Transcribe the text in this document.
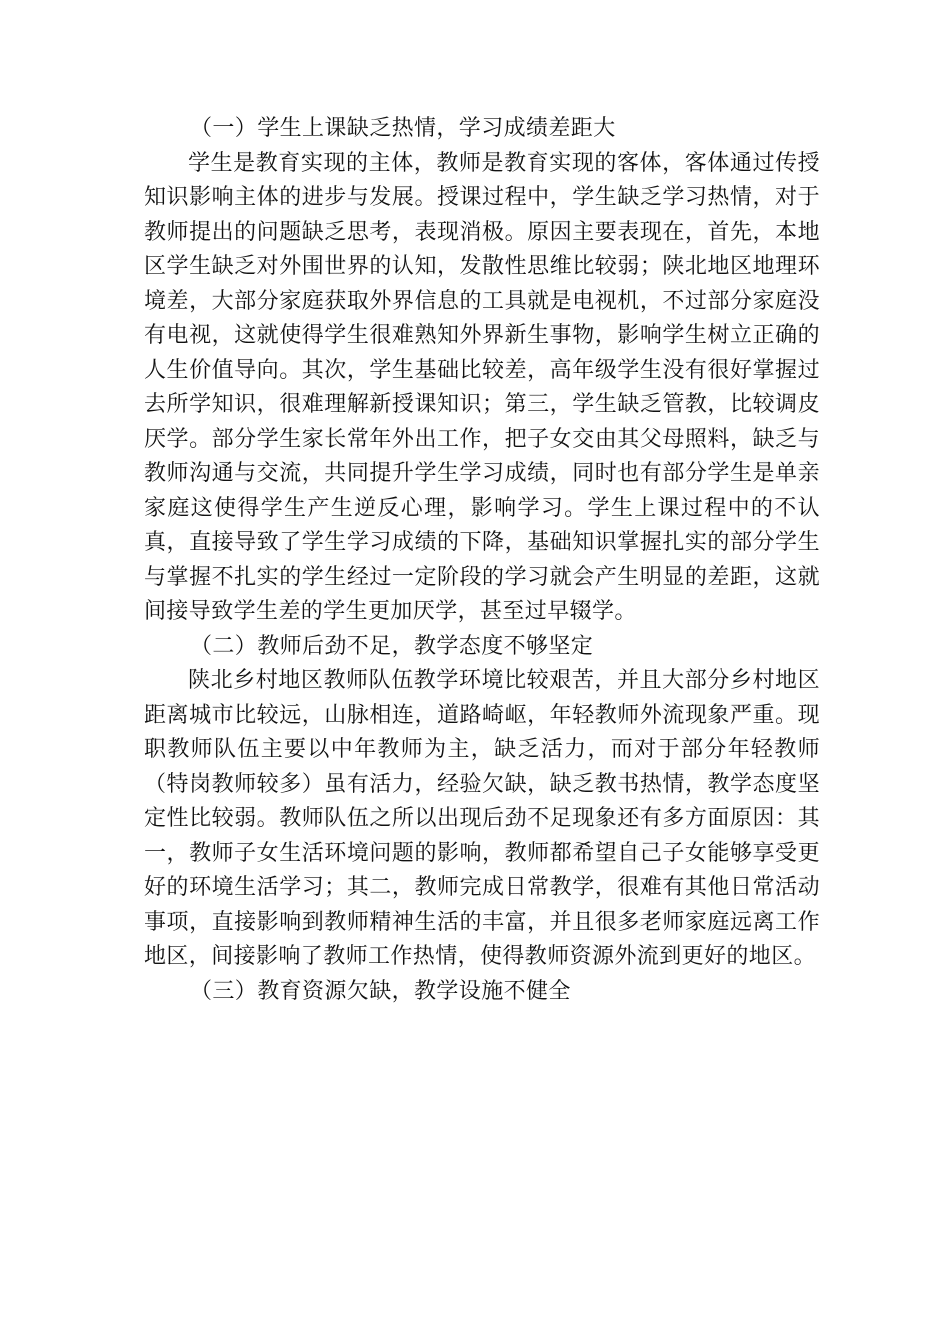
（一）学生上课缺乏热情，学习成绩差距大

学生是教育实现的主体，教师是教育实现的客体，客体通过传授知识影响主体的进步与发展。授课过程中，学生缺乏学习热情，对于教师提出的问题缺乏思考，表现消极。原因主要表现在，首先，本地区学生缺乏对外围世界的认知，发散性思维比较弱；陕北地区地理环境差，大部分家庭获取外界信息的工具就是电视机，不过部分家庭没有电视，这就使得学生很难熟知外界新生事物，影响学生树立正确的人生价值导向。其次，学生基础比较差，高年级学生没有很好掌握过去所学知识，很难理解新授课知识；第三，学生缺乏管教，比较调皮厌学。部分学生家长常年外出工作，把子女交由其父母照料，缺乏与教师沟通与交流，共同提升学生学习成绩，同时也有部分学生是单亲家庭这使得学生产生逆反心理，影响学习。学生上课过程中的不认真，直接导致了学生学习成绩的下降，基础知识掌握扎实的部分学生与掌握不扎实的学生经过一定阶段的学习就会产生明显的差距，这就间接导致学生差的学生更加厌学，甚至过早辍学。

（二）教师后劲不足，教学态度不够坚定

陕北乡村地区教师队伍教学环境比较艰苦，并且大部分乡村地区距离城市比较远，山脉相连，道路崎岖，年轻教师外流现象严重。现职教师队伍主要以中年教师为主，缺乏活力，而对于部分年轻教师（特岗教师较多）虽有活力，经验欠缺，缺乏教书热情，教学态度坚定性比较弱。教师队伍之所以出现后劲不足现象还有多方面原因：其一，教师子女生活环境问题的影响，教师都希望自己子女能够享受更好的环境生活学习；其二，教师完成日常教学，很难有其他日常活动事项，直接影响到教师精神生活的丰富，并且很多老师家庭远离工作地区，间接影响了教师工作热情，使得教师资源外流到更好的地区。

（三）教育资源欠缺，教学设施不健全
